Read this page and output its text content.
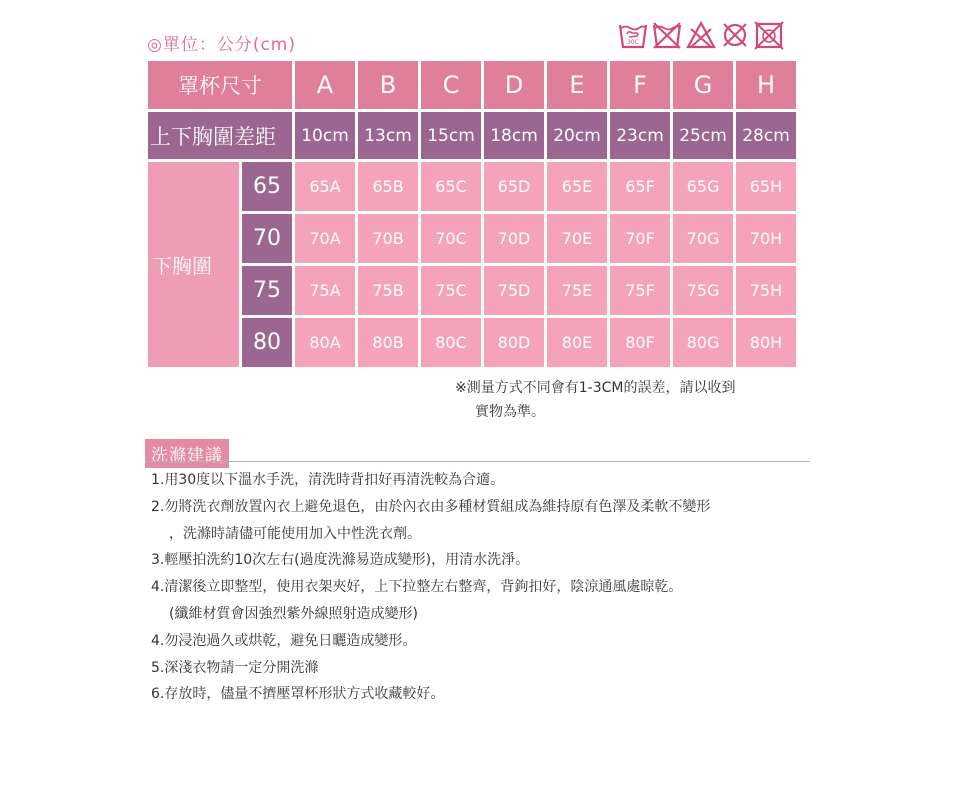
◎單位：公分(cm)	30C
罩杯尺寸		A	B	C	D	E	F	G	H
上下胸圍差距		10cm	13cm	15cm	18cm	20cm	23cm	25cm	28cm
下胸圍	65	65A	65B	65C	65D	65E	65F	65G	65H
	70	70A	70B	70C	70D	70E	70F	70G	70H
	75	75A	75B	75C	75D	75E	75F	75G	75H
	80	80A	80B	80C	80D	80E	80F	80G	80H
※測量方式不同會有1-3CM的誤差，請以收到
實物為準。
洗滌建議
1.用30度以下溫水手洗，清洗時背扣好再清洗較為合適。
2.勿將洗衣劑放置內衣上避免退色，由於內衣由多種材質組成為維持原有色澤及柔軟不變形
，洗滌時請儘可能使用加入中性洗衣劑。
3.輕壓拍洗約10次左右(過度洗滌易造成變形)，用清水洗淨。
4.清潔後立即整型，使用衣架夾好，上下拉整左右整齊，背鉤扣好，陰涼通風處晾乾。
(纖維材質會因強烈紫外線照射造成變形)
4.勿浸泡過久或烘乾，避免日曬造成變形。
5.深淺衣物請一定分開洗滌
6.存放時，儘量不擠壓罩杯形狀方式收藏較好。
